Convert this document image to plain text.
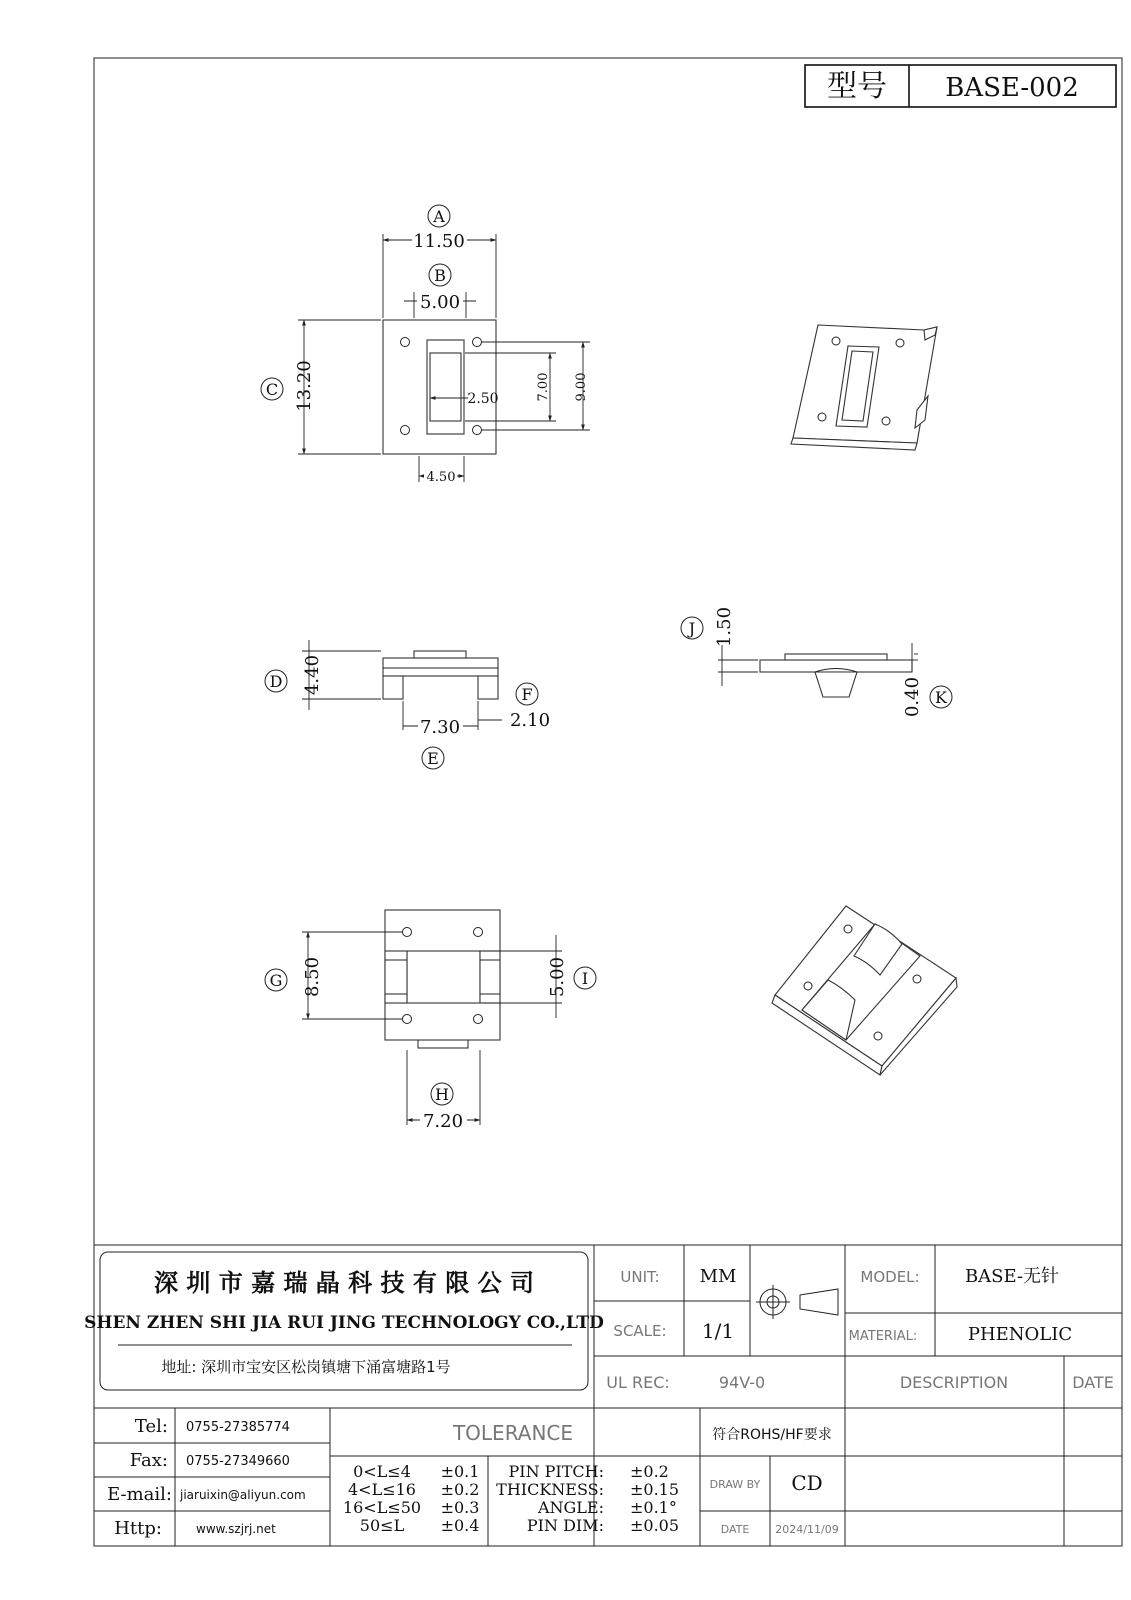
型号 BASE-002
11.50
A
5.00
B
13.20
C	2.50	7.00 9.00
4.50
4.40
D
7.30
E
2.10
F
1.50
J
0.40 K
8.50
G	5.00 I
7.20
H
深 圳 市 嘉 瑞 晶 科 技 有 限 公 司
SHEN ZHEN SHI JIA RUI JING TECHNOLOGY CO.,LTD
地址: 深圳市宝安区松岗镇塘下涌富塘路1号
UNIT: MM
SCALE: 1/1
MODEL:	BASE-无针
MATERIAL:	PHENOLIC
UL REC:	94V-0	DESCRIPTION	DATE
Tel: 0755-27385774
Fax: 0755-27349660
E-mail: jiaruixin@aliyun.com
Http:	www.szjrj.net
TOLERANCE
0<L≤4 ±0.1
4<L≤16 ±0.2
16<L≤50 ±0.3
50≤L ±0.4
PIN PITCH: ±0.2
THICKNESS: ±0.15
ANGLE: ±0.1°
PIN DIM: ±0.05
符合ROHS/HF要求
DRAW BY CD
DATE 2024/11/09
